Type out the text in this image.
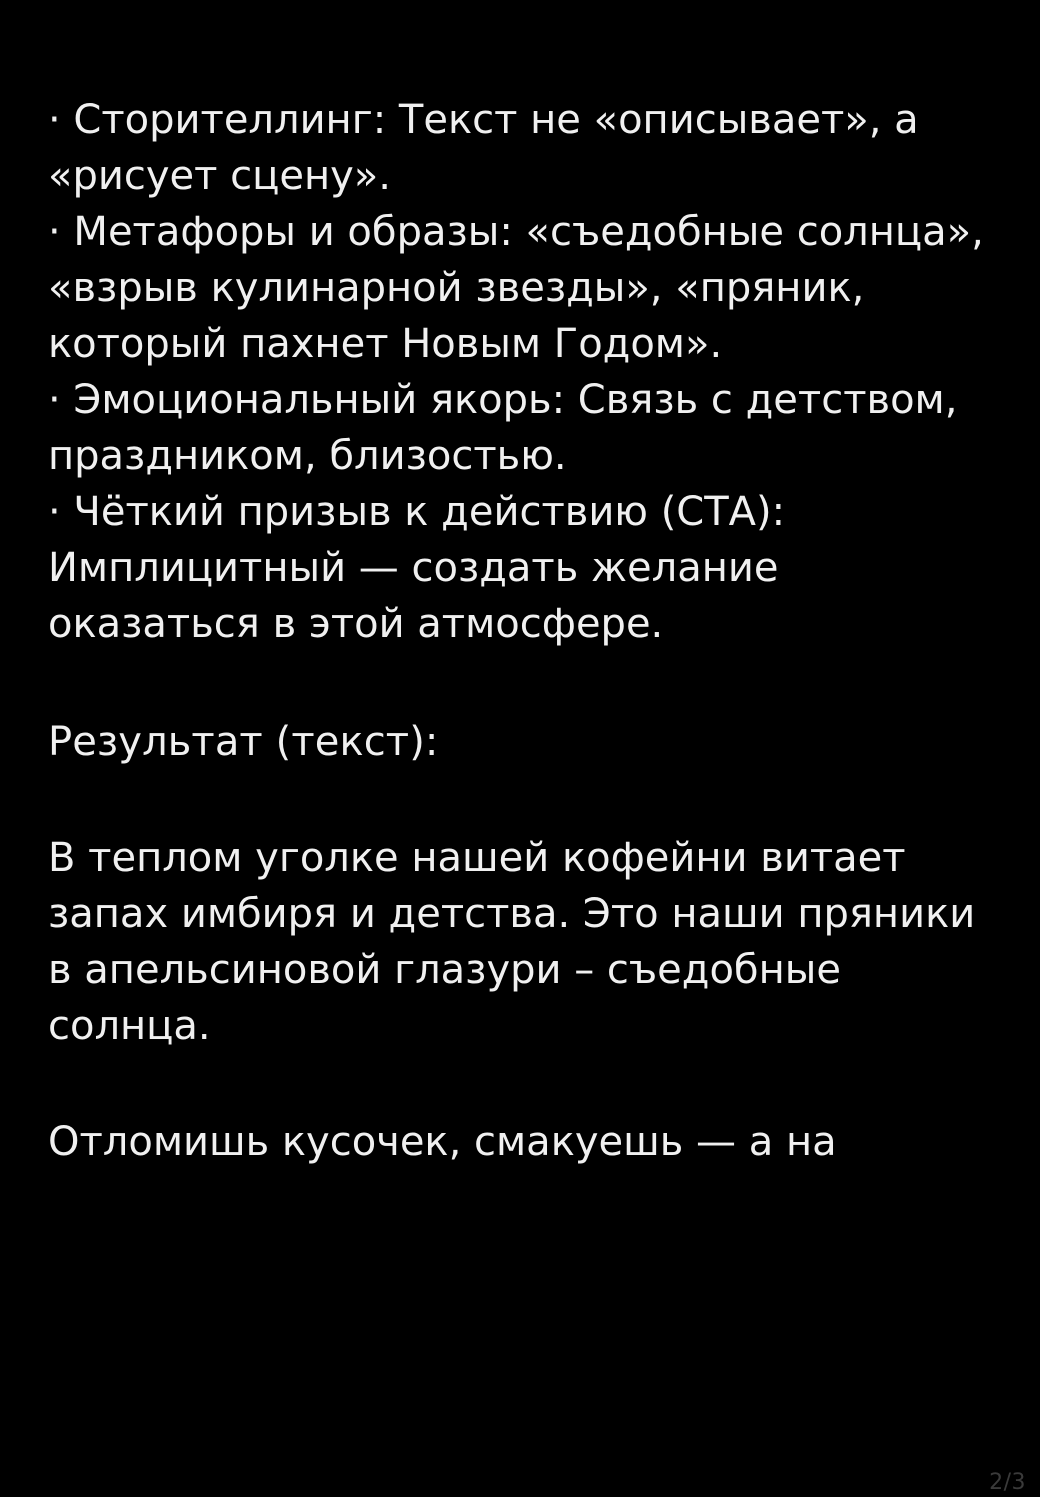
· Сторителлинг: Текст не «описывает», а «рисует сцену».
· Метафоры и образы: «съедобные солнца», «взрыв кулинарной звезды», «пряник, который пахнет Новым Годом».
· Эмоциональный якорь: Связь с детством, праздником, близостью.
· Чёткий призыв к действию (СТА): Имплицитный — создать желание оказаться в этой атмосфере.
Результат (текст):
В теплом уголке нашей кофейни витает запах имбиря и детства. Это наши пряники в апельсиновой глазури – съедобные солнца.
Отломишь кусочек, смакуешь — а на
2/3
